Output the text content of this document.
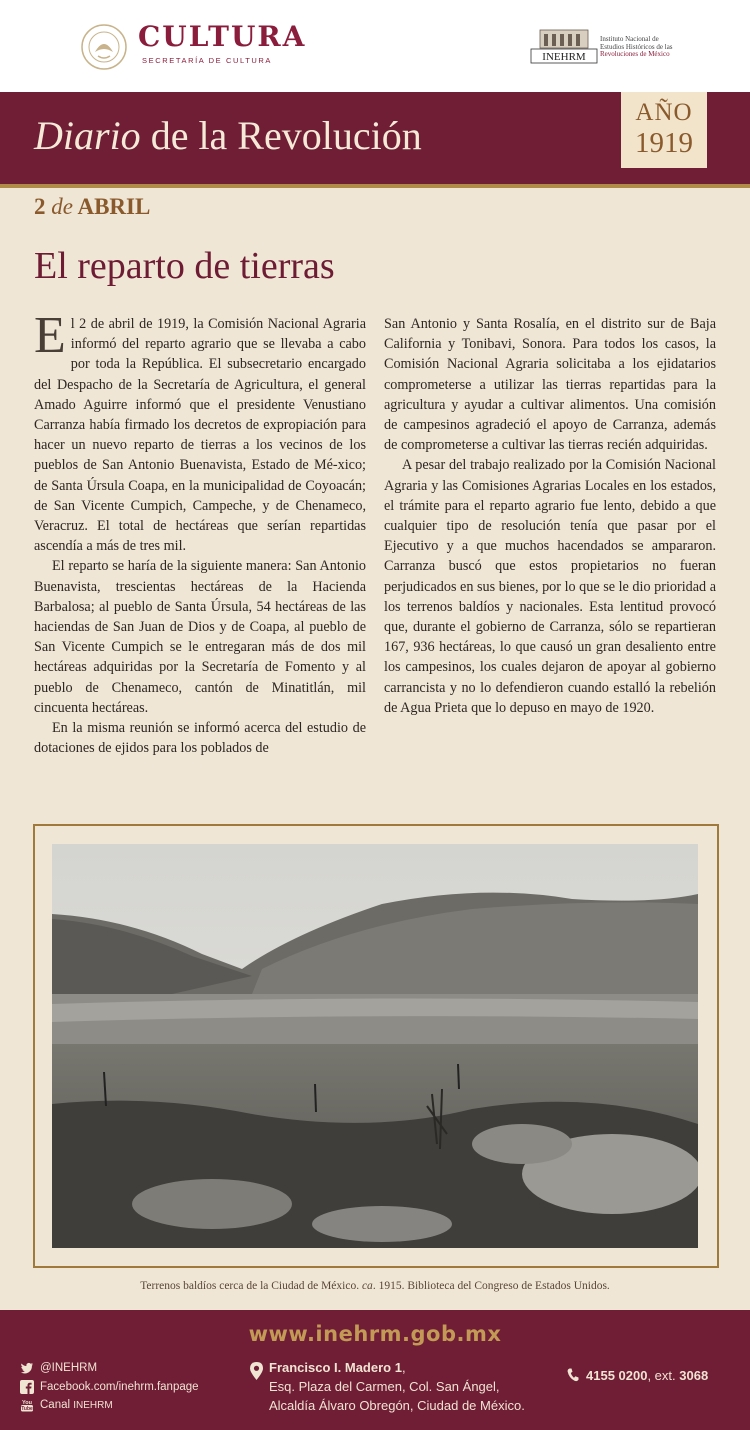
CULTURA
SECRETARÍA DE CULTURA	INEHRM
Instituto Nacional de
Estudios Históricos de las
Revoluciones de México
Diario de la Revolución
AÑO
1919
2 de ABRIL
El reparto de tierras

El 2 de abril de 1919, la Comisión Nacional Agraria informó del reparto agrario que se llevaba a cabo por toda la República. El subsecretario encargado del Despacho de la Secretaría de Agricultura, el general Amado Aguirre informó que el presidente Venustiano Carranza había firmado los decretos de expropiación para hacer un nuevo reparto de tierras a los vecinos de los pueblos de San Antonio Buenavista, Estado de Mé-xico; de Santa Úrsula Coapa, en la municipalidad de Coyoacán; de San Vicente Cumpich, Campeche, y de Chenameco, Veracruz. El total de hectáreas que serían repartidas ascendía a más de tres mil.

El reparto se haría de la siguiente manera: San Antonio Buenavista, trescientas hectáreas de la Hacienda Barbalosa; al pueblo de Santa Úrsula, 54 hectáreas de las haciendas de San Juan de Dios y de Coapa, al pueblo de San Vicente Cumpich se le entregaran más de dos mil hectáreas adquiridas por la Secretaría de Fomento y al pueblo de Chenameco, cantón de Minatitlán, mil cincuenta hectáreas.

En la misma reunión se informó acerca del estudio de dotaciones de ejidos para los poblados de

San Antonio y Santa Rosalía, en el distrito sur de Baja California y Tonibavi, Sonora. Para todos los casos, la Comisión Nacional Agraria solicitaba a los ejidatarios comprometerse a utilizar las tierras repartidas para la agricultura y ayudar a cultivar alimentos. Una comisión de campesinos agradeció el apoyo de Carranza, además de comprometerse a cultivar las tierras recién adquiridas.

A pesar del trabajo realizado por la Comisión Nacional Agraria y las Comisiones Agrarias Locales en los estados, el trámite para el reparto agrario fue lento, debido a que cualquier tipo de resolución tenía que pasar por el Ejecutivo y a que muchos hacendados se ampararon. Carranza buscó que estos propietarios no fueran perjudicados en sus bienes, por lo que se le dio prioridad a los terrenos baldíos y nacionales. Esta lentitud provocó que, durante el gobierno de Carranza, sólo se repartieran 167, 936 hectáreas, lo que causó un gran desaliento entre los campesinos, los cuales dejaron de apoyar al gobierno carrancista y no lo defendieron cuando estalló la rebelión de Agua Prieta que lo depuso en mayo de 1920.

Terrenos baldíos cerca de la Ciudad de México. ca. 1915. Biblioteca del Congreso de Estados Unidos.
www.inehrm.gob.mx
@INEHRM
Facebook.com/inehrm.fanpage
You
Tube Canal INEHRM
Francisco I. Madero 1,
Esq. Plaza del Carmen, Col. San Ángel,
Alcaldía Álvaro Obregón, Ciudad de México.
4155 0200, ext. 3068
